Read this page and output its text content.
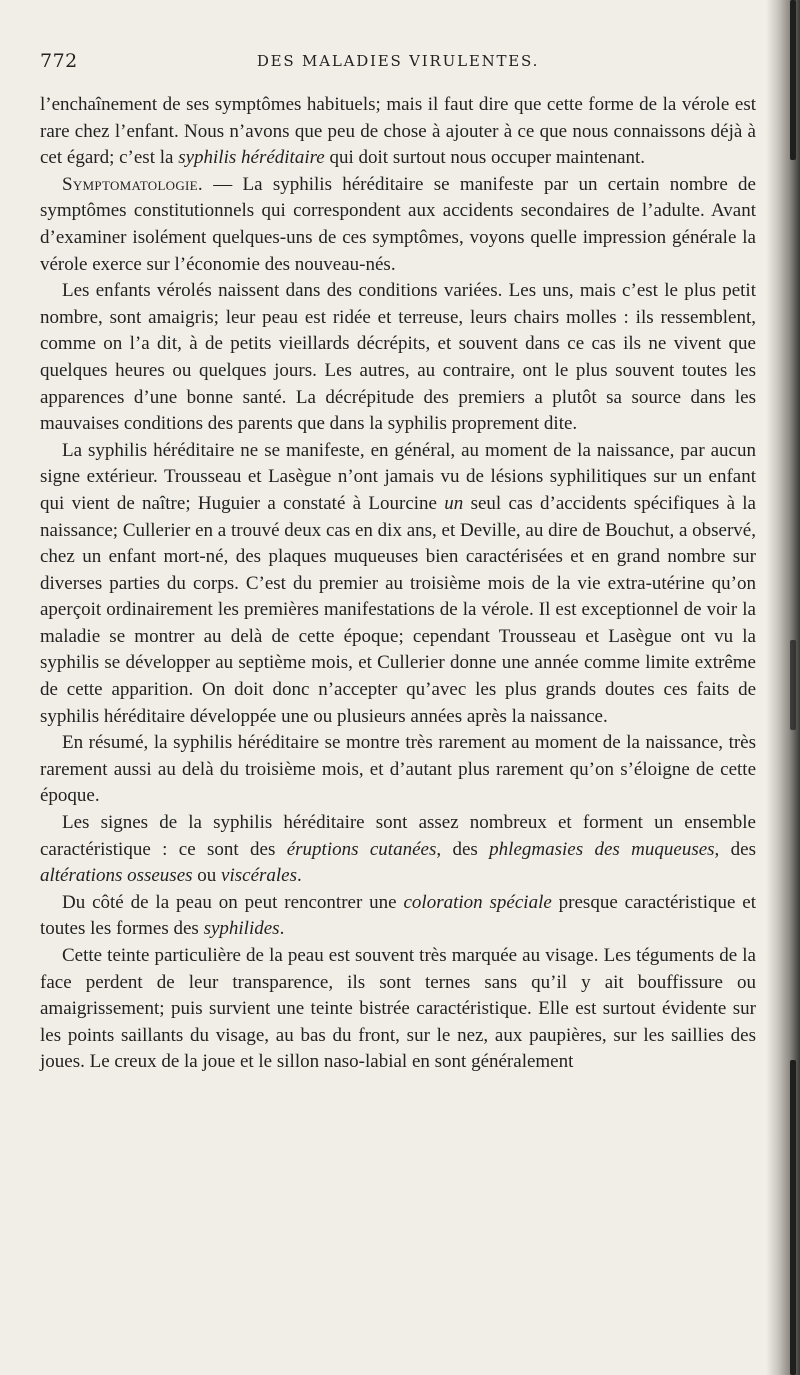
772	DES MALADIES VIRULENTES.

l’enchaînement de ses symptômes habituels; mais il faut dire que cette forme de la vérole est rare chez l’enfant. Nous n’avons que peu de chose à ajouter à ce que nous connaissons déjà à cet égard; c’est la syphilis héréditaire qui doit surtout nous occuper maintenant.

Symptomatologie. — La syphilis héréditaire se manifeste par un certain nombre de symptômes constitutionnels qui correspondent aux accidents secondaires de l’adulte. Avant d’examiner isolément quelques-uns de ces symptômes, voyons quelle impression générale la vérole exerce sur l’économie des nouveau-nés.

Les enfants vérolés naissent dans des conditions variées. Les uns, mais c’est le plus petit nombre, sont amaigris; leur peau est ridée et terreuse, leurs chairs molles : ils ressemblent, comme on l’a dit, à de petits vieillards décrépits, et souvent dans ce cas ils ne vivent que quelques heures ou quelques jours. Les autres, au contraire, ont le plus souvent toutes les apparences d’une bonne santé. La décrépitude des premiers a plutôt sa source dans les mauvaises conditions des parents que dans la syphilis proprement dite.

La syphilis héréditaire ne se manifeste, en général, au moment de la naissance, par aucun signe extérieur. Trousseau et Lasègue n’ont jamais vu de lésions syphilitiques sur un enfant qui vient de naître; Huguier a constaté à Lourcine un seul cas d’accidents spécifiques à la naissance; Cullerier en a trouvé deux cas en dix ans, et Deville, au dire de Bouchut, a observé, chez un enfant mort-né, des plaques muqueuses bien caractérisées et en grand nombre sur diverses parties du corps. C’est du premier au troisième mois de la vie extra-utérine qu’on aperçoit ordinairement les premières manifestations de la vérole. Il est exceptionnel de voir la maladie se montrer au delà de cette époque; cependant Trousseau et Lasègue ont vu la syphilis se développer au septième mois, et Cullerier donne une année comme limite extrême de cette apparition. On doit donc n’accepter qu’avec les plus grands doutes ces faits de syphilis héréditaire développée une ou plusieurs années après la naissance.

En résumé, la syphilis héréditaire se montre très rarement au moment de la naissance, très rarement aussi au delà du troisième mois, et d’autant plus rarement qu’on s’éloigne de cette époque.

Les signes de la syphilis héréditaire sont assez nombreux et forment un ensemble caractéristique : ce sont des éruptions cutanées, des phlegmasies des muqueuses, des altérations osseuses ou viscérales.

Du côté de la peau on peut rencontrer une coloration spéciale presque caractéristique et toutes les formes des syphilides.

Cette teinte particulière de la peau est souvent très marquée au visage. Les téguments de la face perdent de leur transparence, ils sont ternes sans qu’il y ait bouffissure ou amaigrissement; puis survient une teinte bistrée caractéristique. Elle est surtout évidente sur les points saillants du visage, au bas du front, sur le nez, aux paupières, sur les saillies des joues. Le creux de la joue et le sillon naso-labial en sont généralement
